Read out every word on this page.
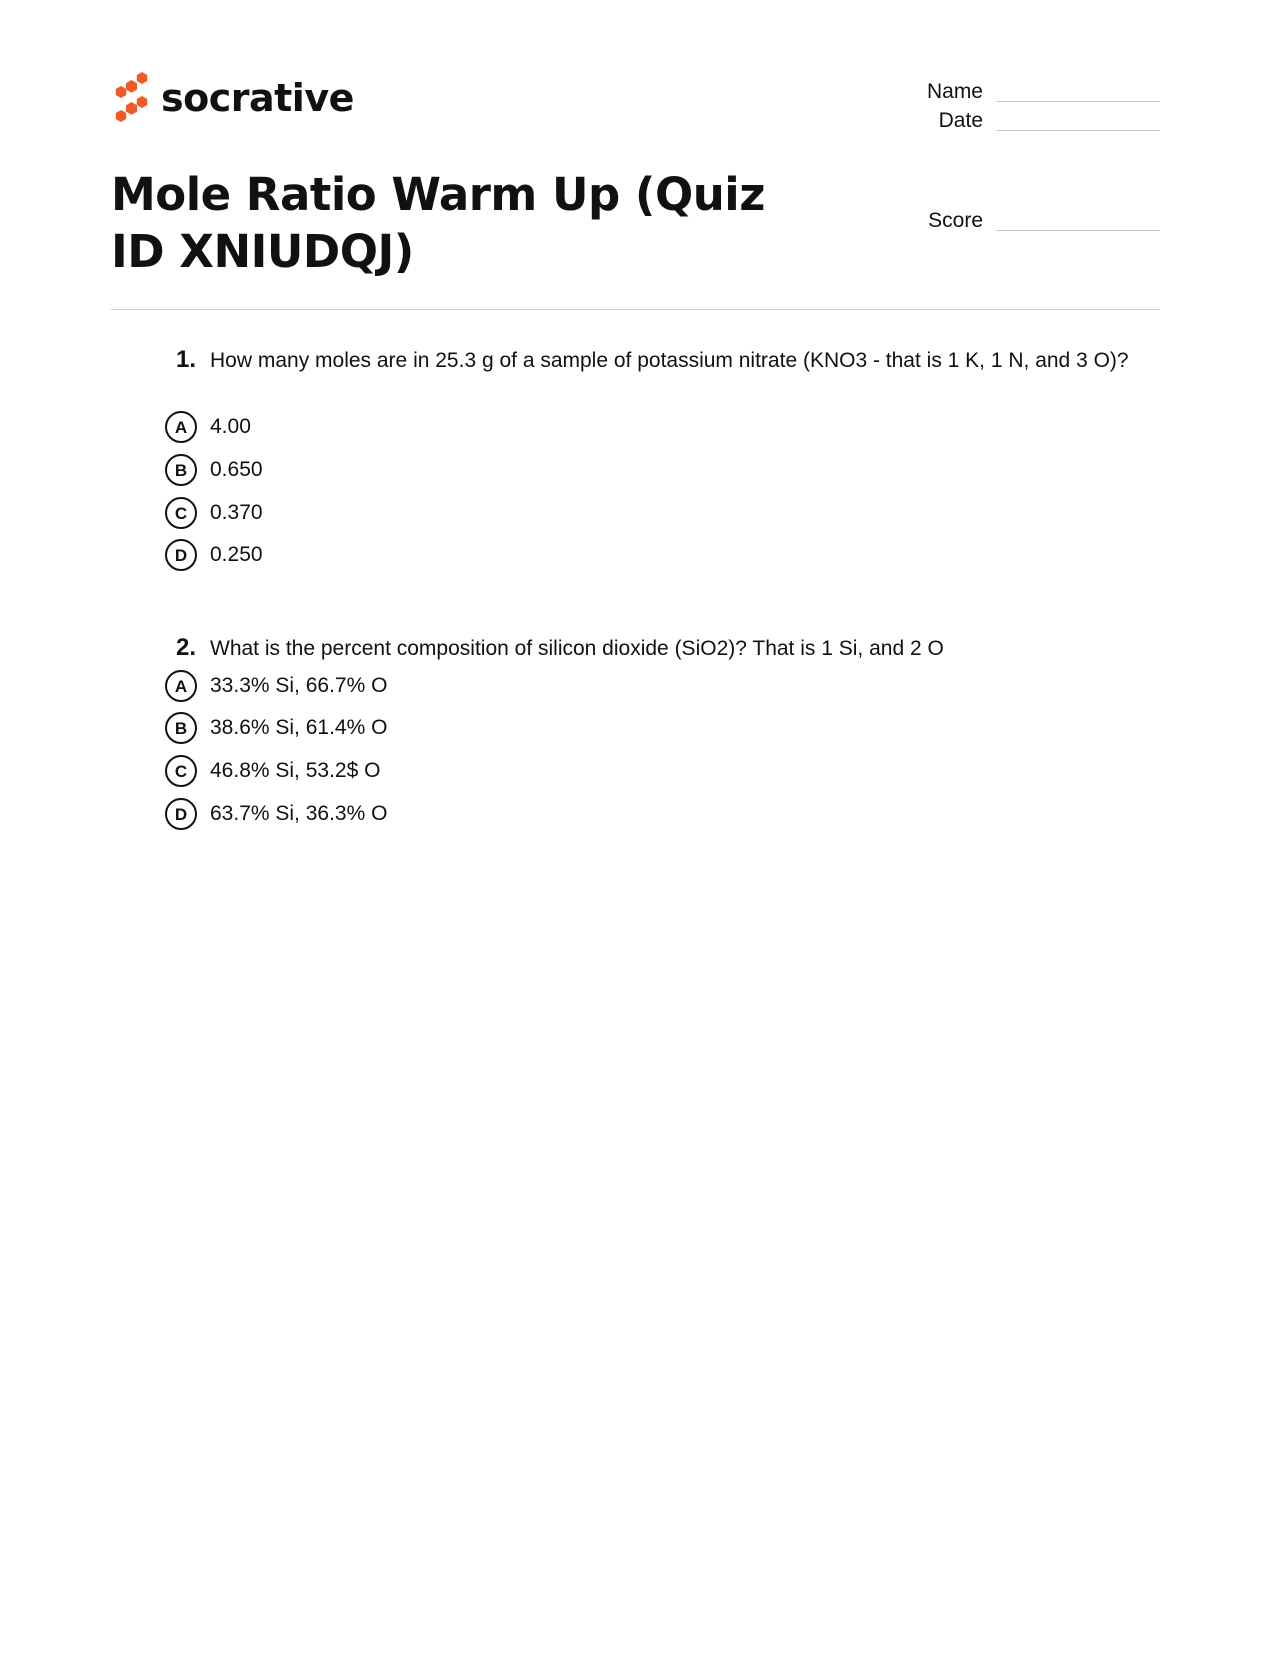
socrative	Name
Date
Score
Mole Ratio Warm Up (Quiz ID XNIUDQJ)
1. How many moles are in 25.3 g of a sample of potassium nitrate (KNO3 - that is 1 K, 1 N, and 3 O)?
A	4.00
B	0.650
C	0.370
D	0.250
2. What is the percent composition of silicon dioxide (SiO2)? That is 1 Si, and 2 O
A	33.3% Si, 66.7% O
B	38.6% Si, 61.4% O
C	46.8% Si, 53.2$ O
D	63.7% Si, 36.3% O
